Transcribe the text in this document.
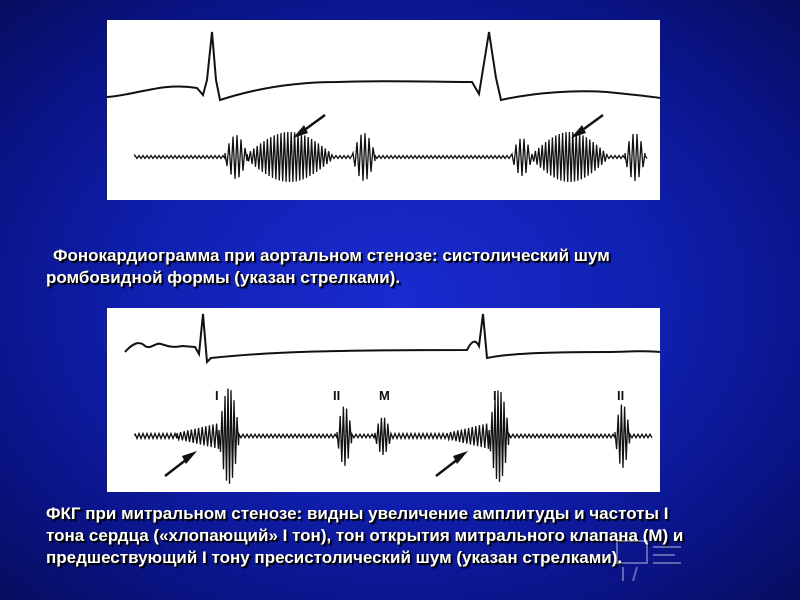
Фонокардиограмма при аортальном стенозе: систолический шум
ромбовидной формы (указан стрелками).

I	II	M	I	II

ФКГ при митральном стенозе: видны увеличение амплитуды и частоты I
тона сердца («хлопающий» I тон), тон открытия митрального клапана (М) и
предшествующий I тону пресистолический шум (указан стрелками).
